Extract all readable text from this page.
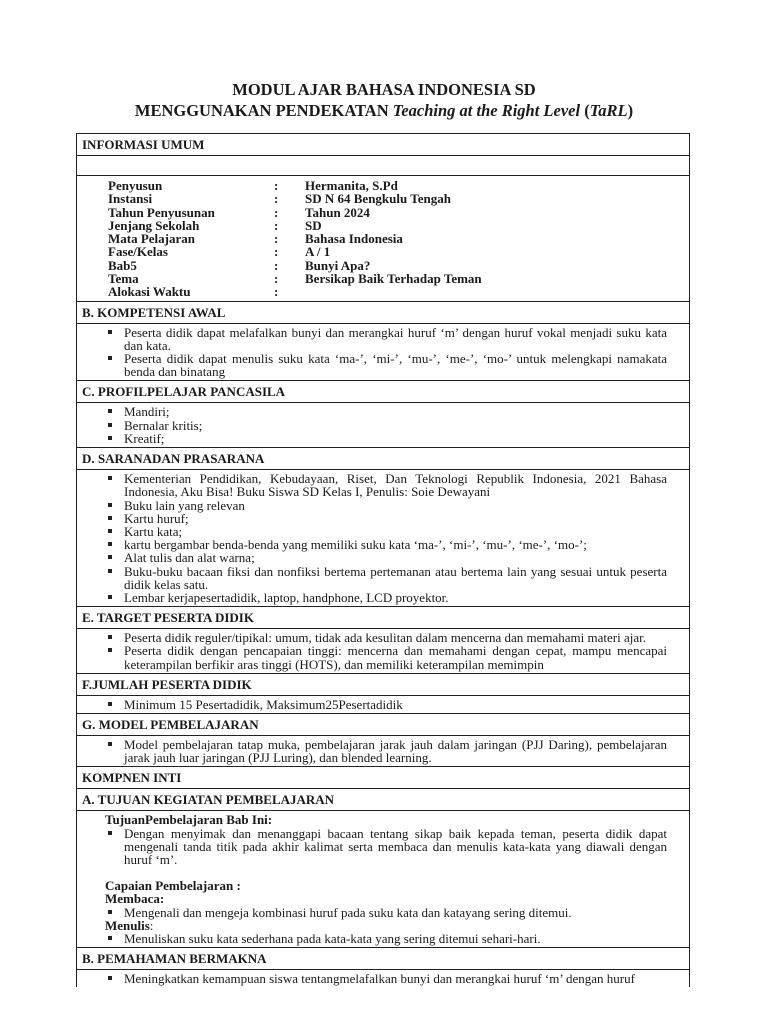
MODUL AJAR BAHASA INDONESIA SD
MENGGUNAKAN PENDEKATAN Teaching at the Right Level (TaRL)
INFORMASI UMUM
Penyusun	:	Hermanita, S.Pd
Instansi	:	SD N 64 Bengkulu Tengah
Tahun Penyusunan	:	Tahun 2024
Jenjang Sekolah	:	SD
Mata Pelajaran	:	Bahasa Indonesia
Fase/Kelas	:	A / 1
Bab5	:	Bunyi Apa?
Tema	:	Bersikap Baik Terhadap Teman
Alokasi Waktu	:
B. KOMPETENSI AWAL
Peserta didik dapat melafalkan bunyi dan merangkai huruf ‘m’ dengan huruf vokal menjadi suku kata dan kata.
Peserta didik dapat menulis suku kata ‘ma-’, ‘mi-’, ‘mu-’, ‘me-’, ‘mo-’ untuk melengkapi namakata benda dan binatang
C. PROFILPELAJAR PANCASILA
Mandiri;
Bernalar kritis;
Kreatif;
D. SARANADAN PRASARANA
Kementerian Pendidikan, Kebudayaan, Riset, Dan Teknologi Republik Indonesia, 2021 Bahasa Indonesia, Aku Bisa! Buku Siswa SD Kelas I, Penulis: Soie Dewayani
Buku lain yang relevan
Kartu huruf;
Kartu kata;
kartu bergambar benda-benda yang memiliki suku kata ‘ma-’, ‘mi-’, ‘mu-’, ‘me-’, ‘mo-’;
Alat tulis dan alat warna;
Buku-buku bacaan fiksi dan nonfiksi bertema pertemanan atau bertema lain yang sesuai untuk peserta didik kelas satu.
Lembar kerjapesertadidik, laptop, handphone, LCD proyektor.
E. TARGET PESERTA DIDIK
Peserta didik reguler/tipikal: umum, tidak ada kesulitan dalam mencerna dan memahami materi ajar.
Peserta didik dengan pencapaian tinggi: mencerna dan memahami dengan cepat, mampu mencapai keterampilan berfikir aras tinggi (HOTS), dan memiliki keterampilan memimpin
F.JUMLAH PESERTA DIDIK
Minimum 15 Pesertadidik, Maksimum25Pesertadidik
G. MODEL PEMBELAJARAN
Model pembelajaran tatap muka, pembelajaran jarak jauh dalam jaringan (PJJ Daring), pembelajaran jarak jauh luar jaringan (PJJ Luring), dan blended learning.
KOMPNEN INTI
A. TUJUAN KEGIATAN PEMBELAJARAN
TujuanPembelajaran Bab Ini:
Dengan menyimak dan menanggapi bacaan tentang sikap baik kepada teman, peserta didik dapat mengenali tanda titik pada akhir kalimat serta membaca dan menulis kata-kata yang diawali dengan huruf ‘m’.
Capaian Pembelajaran :
Membaca:
Mengenali dan mengeja kombinasi huruf pada suku kata dan katayang sering ditemui.
Menulis:
Menuliskan suku kata sederhana pada kata-kata yang sering ditemui sehari-hari.
B. PEMAHAMAN BERMAKNA
Meningkatkan kemampuan siswa tentangmelafalkan bunyi dan merangkai huruf ‘m’ dengan huruf
